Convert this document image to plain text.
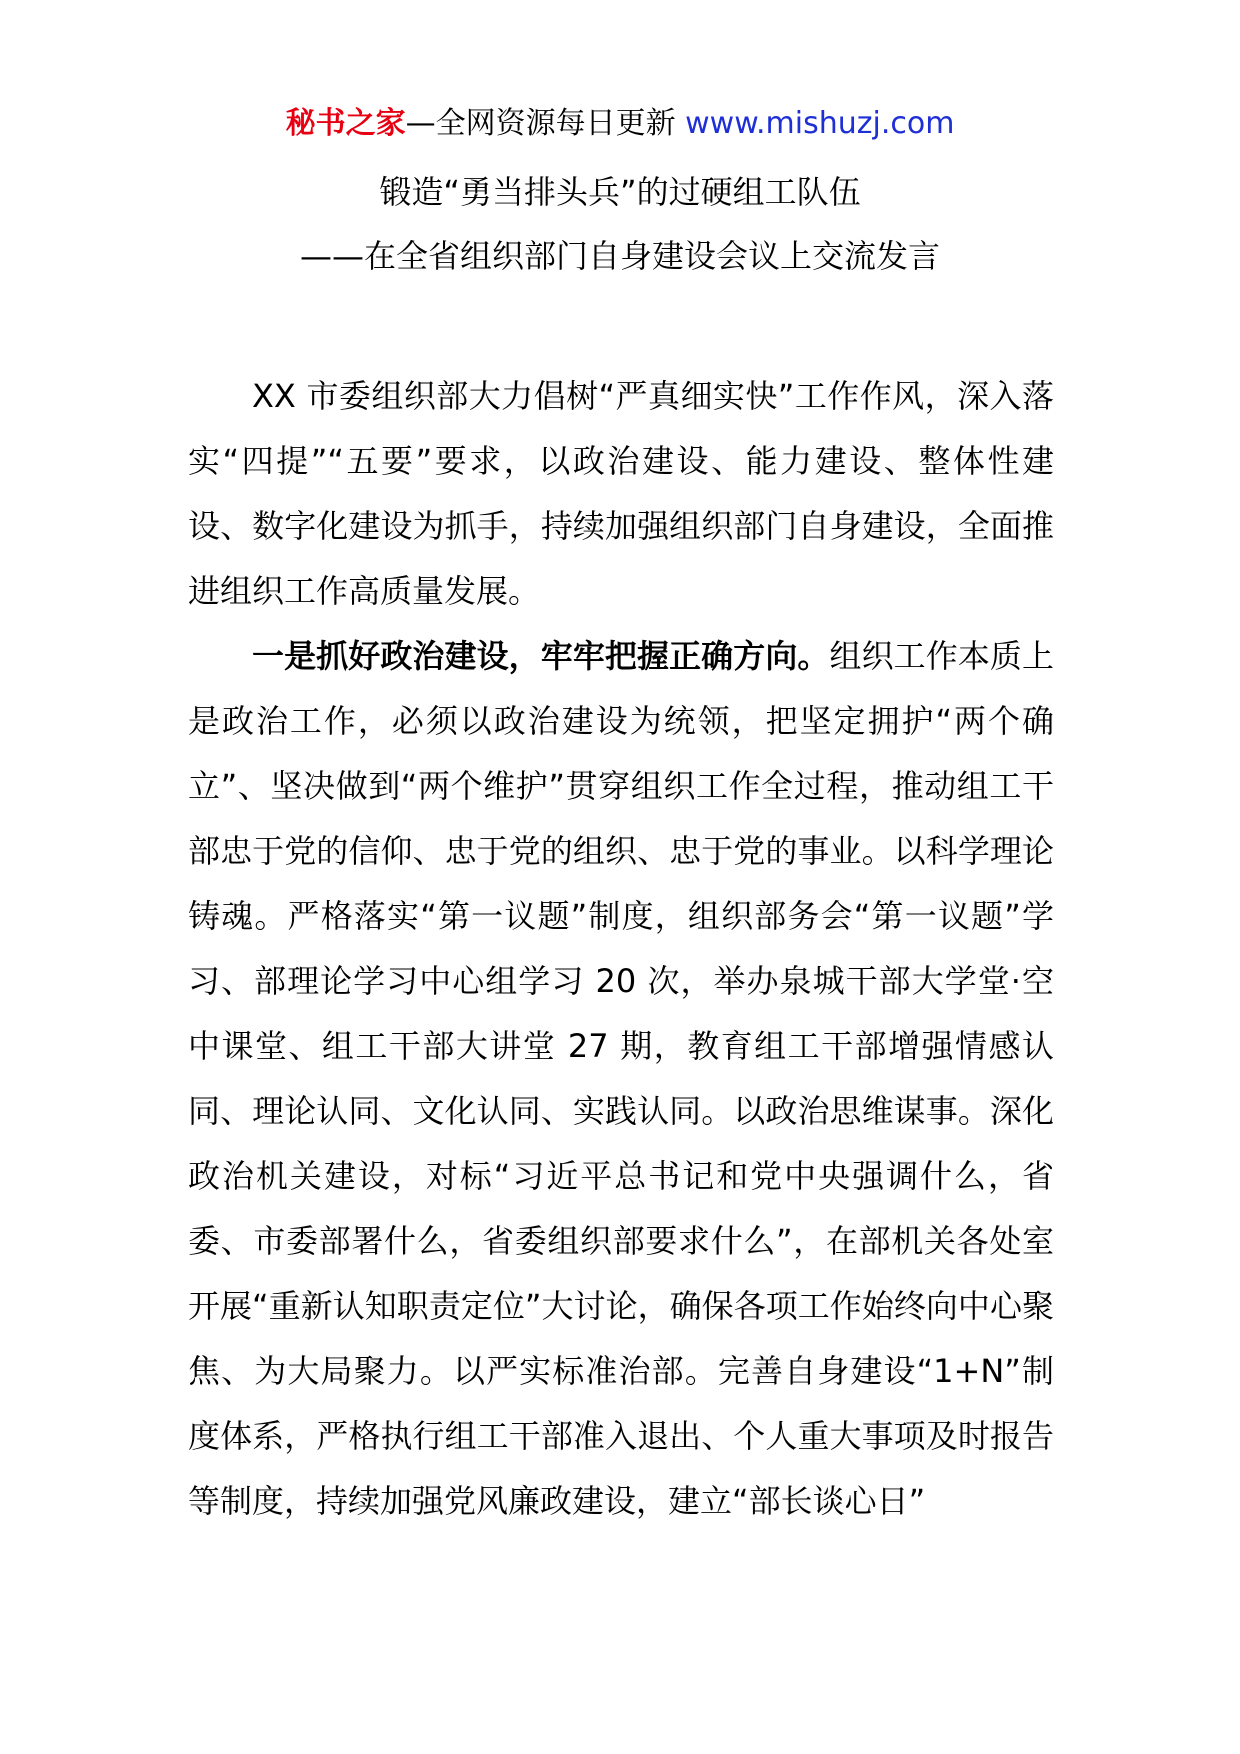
秘书之家—全网资源每日更新 www.mishuzj.com
锻造“勇当排头兵”的过硬组工队伍
——在全省组织部门自身建设会议上交流发言

XX 市委组织部大力倡树“严真细实快”工作作风，深入落实“四提”“五要”要求，以政治建设、能力建设、整体性建设、数字化建设为抓手，持续加强组织部门自身建设，全面推进组织工作高质量发展。

一是抓好政治建设，牢牢把握正确方向。组织工作本质上是政治工作，必须以政治建设为统领，把坚定拥护“两个确立”、坚决做到“两个维护”贯穿组织工作全过程，推动组工干部忠于党的信仰、忠于党的组织、忠于党的事业。以科学理论铸魂。严格落实“第一议题”制度，组织部务会“第一议题”学习、部理论学习中心组学习 20 次，举办泉城干部大学堂·空中课堂、组工干部大讲堂 27 期，教育组工干部增强情感认同、理论认同、文化认同、实践认同。以政治思维谋事。深化政治机关建设，对标“习近平总书记和党中央强调什么，省委、市委部署什么，省委组织部要求什么”，在部机关各处室开展“重新认知职责定位”大讨论，确保各项工作始终向中心聚焦、为大局聚力。以严实标准治部。完善自身建设“1+N”制度体系，严格执行组工干部准入退出、个人重大事项及时报告等制度，持续加强党风廉政建设，建立“部长谈心日”
